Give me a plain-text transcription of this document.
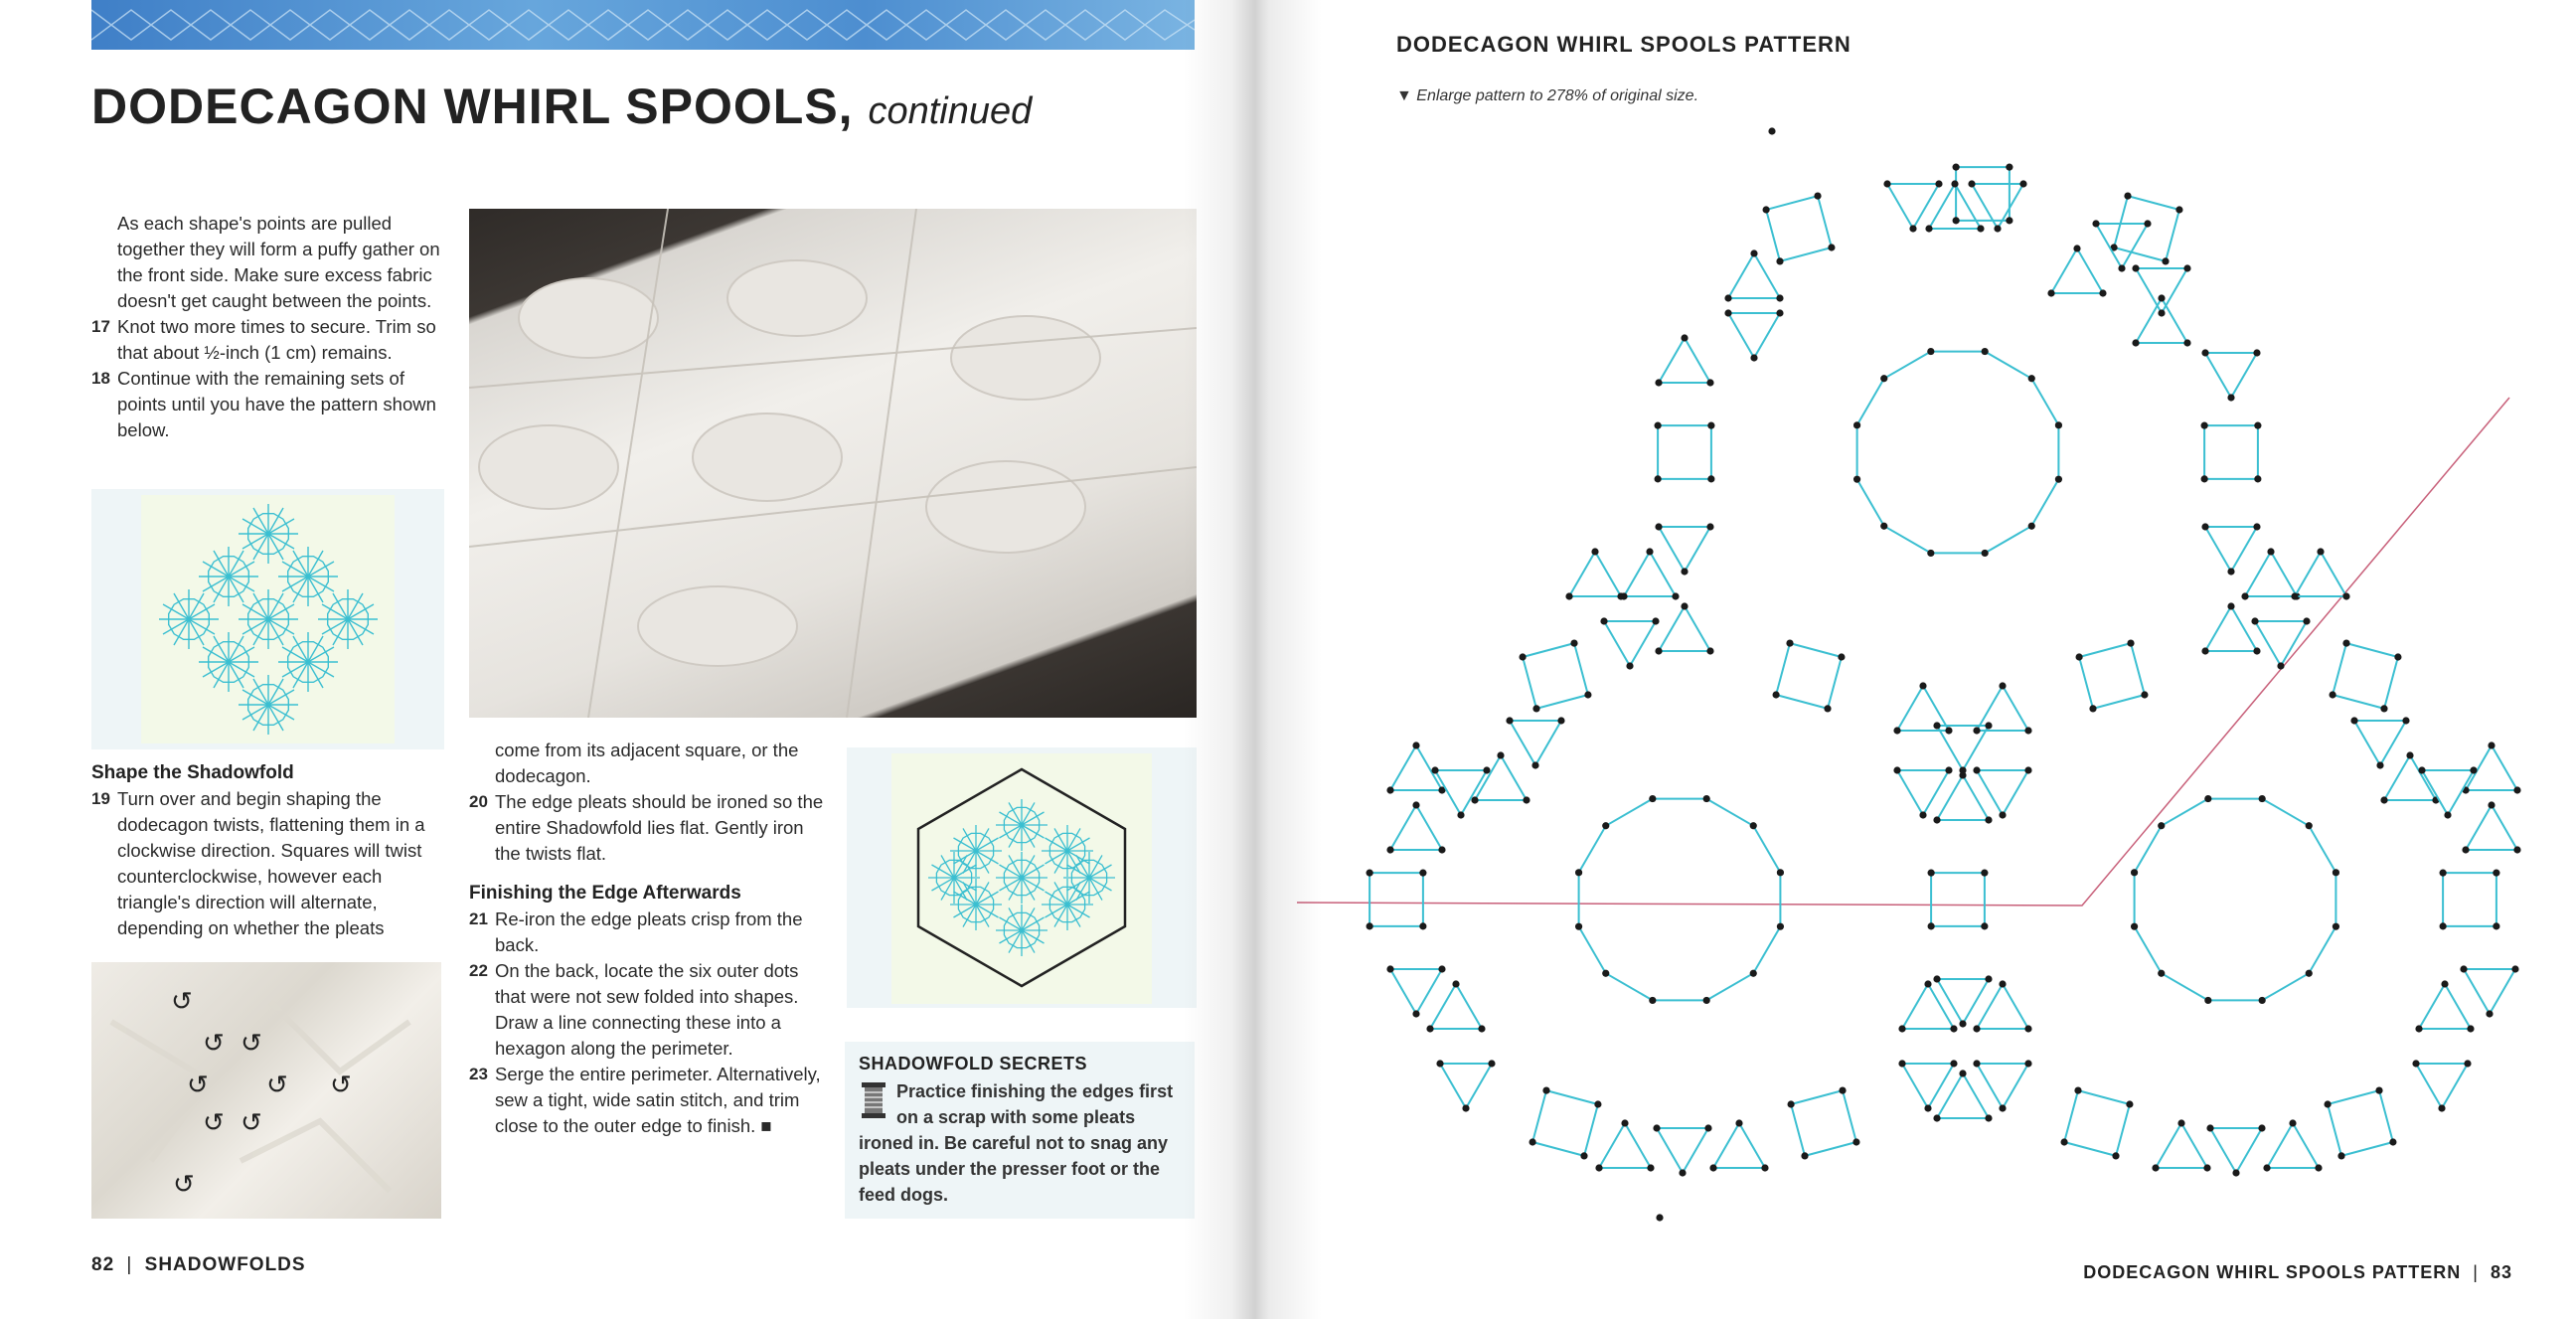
DODECAGON WHIRL SPOOLS, continued
As each shape's points are pulled together they will form a puffy gather on the front side. Make sure excess fabric doesn't get caught between the points.
17 Knot two more times to secure. Trim so that about ½-inch (1 cm) remains.
18 Continue with the remaining sets of points until you have the pattern shown below.
Shape the Shadowfold
19 Turn over and begin shaping the dodecagon twists, flattening them in a clockwise direction. Squares will twist counterclockwise, however each triangle's direction will alternate, depending on whether the pleats
↺
↺ ↺
↺ ↺ ↺
↺ ↺
↺
come from its adjacent square, or the dodecagon.
20 The edge pleats should be ironed so the entire Shadowfold lies flat. Gently iron the twists flat.
Finishing the Edge Afterwards
21 Re-iron the edge pleats crisp from the back.
22 On the back, locate the six outer dots that were not sew folded into shapes. Draw a line connecting these into a hexagon along the perimeter.
23 Serge the entire perimeter. Alternatively, sew a tight, wide satin stitch, and trim close to the outer edge to finish. ■
SHADOWFOLD SECRETS
Practice finishing the edges first on a scrap with some pleats ironed in. Be careful not to snag any pleats under the presser foot or the feed dogs.
82 | SHADOWFOLDS
DODECAGON WHIRL SPOOLS PATTERN
▼ Enlarge pattern to 278% of original size.
DODECAGON WHIRL SPOOLS PATTERN | 83
